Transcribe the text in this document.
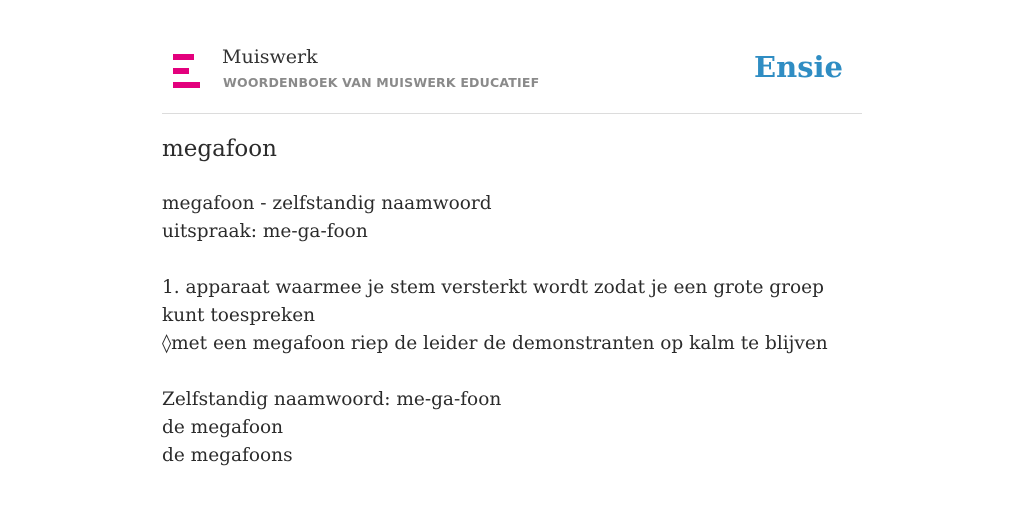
Muiswerk
WOORDENBOEK VAN MUISWERK EDUCATIEF	Ensie
megafoon
megafoon - zelfstandig naamwoord
uitspraak: me-ga-foon
1. apparaat waarmee je stem versterkt wordt zodat je een grote groep kunt toespreken
◊met een megafoon riep de leider de demonstranten op kalm te blijven
Zelfstandig naamwoord: me-ga-foon
de megafoon
de megafoons
